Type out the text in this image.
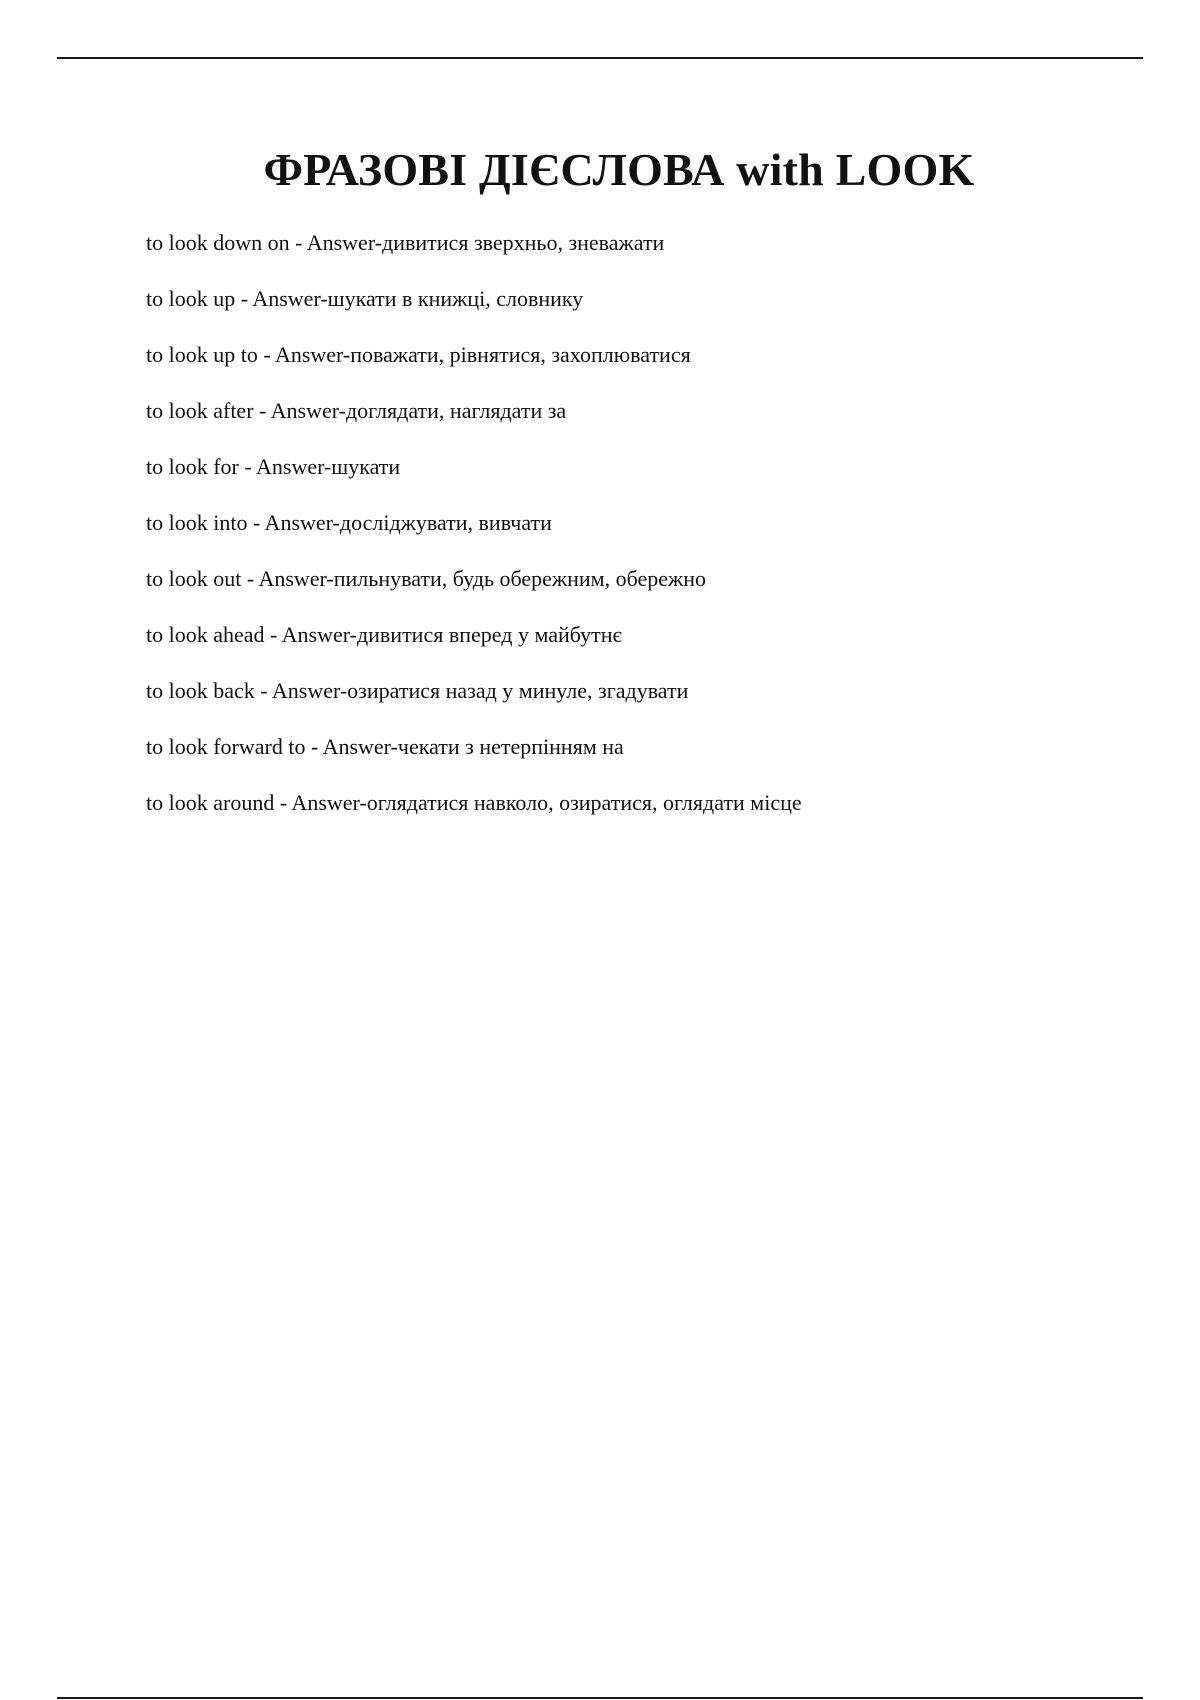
ФРАЗОВІ ДІЄСЛОВА with LOOK
to look down on - Answer-дивитися зверхньо, зневажати
to look up - Answer-шукати в книжці, словнику
to look up to - Answer-поважати, рівнятися, захоплюватися
to look after - Answer-доглядати, наглядати за
to look for - Answer-шукати
to look into - Answer-досліджувати, вивчати
to look out - Answer-пильнувати, будь обережним, обережно
to look ahead - Answer-дивитися вперед у майбутнє
to look back - Answer-озиратися назад у минуле, згадувати
to look forward to - Answer-чекати з нетерпінням на
to look around - Answer-оглядатися навколо, озиратися, оглядати місце
